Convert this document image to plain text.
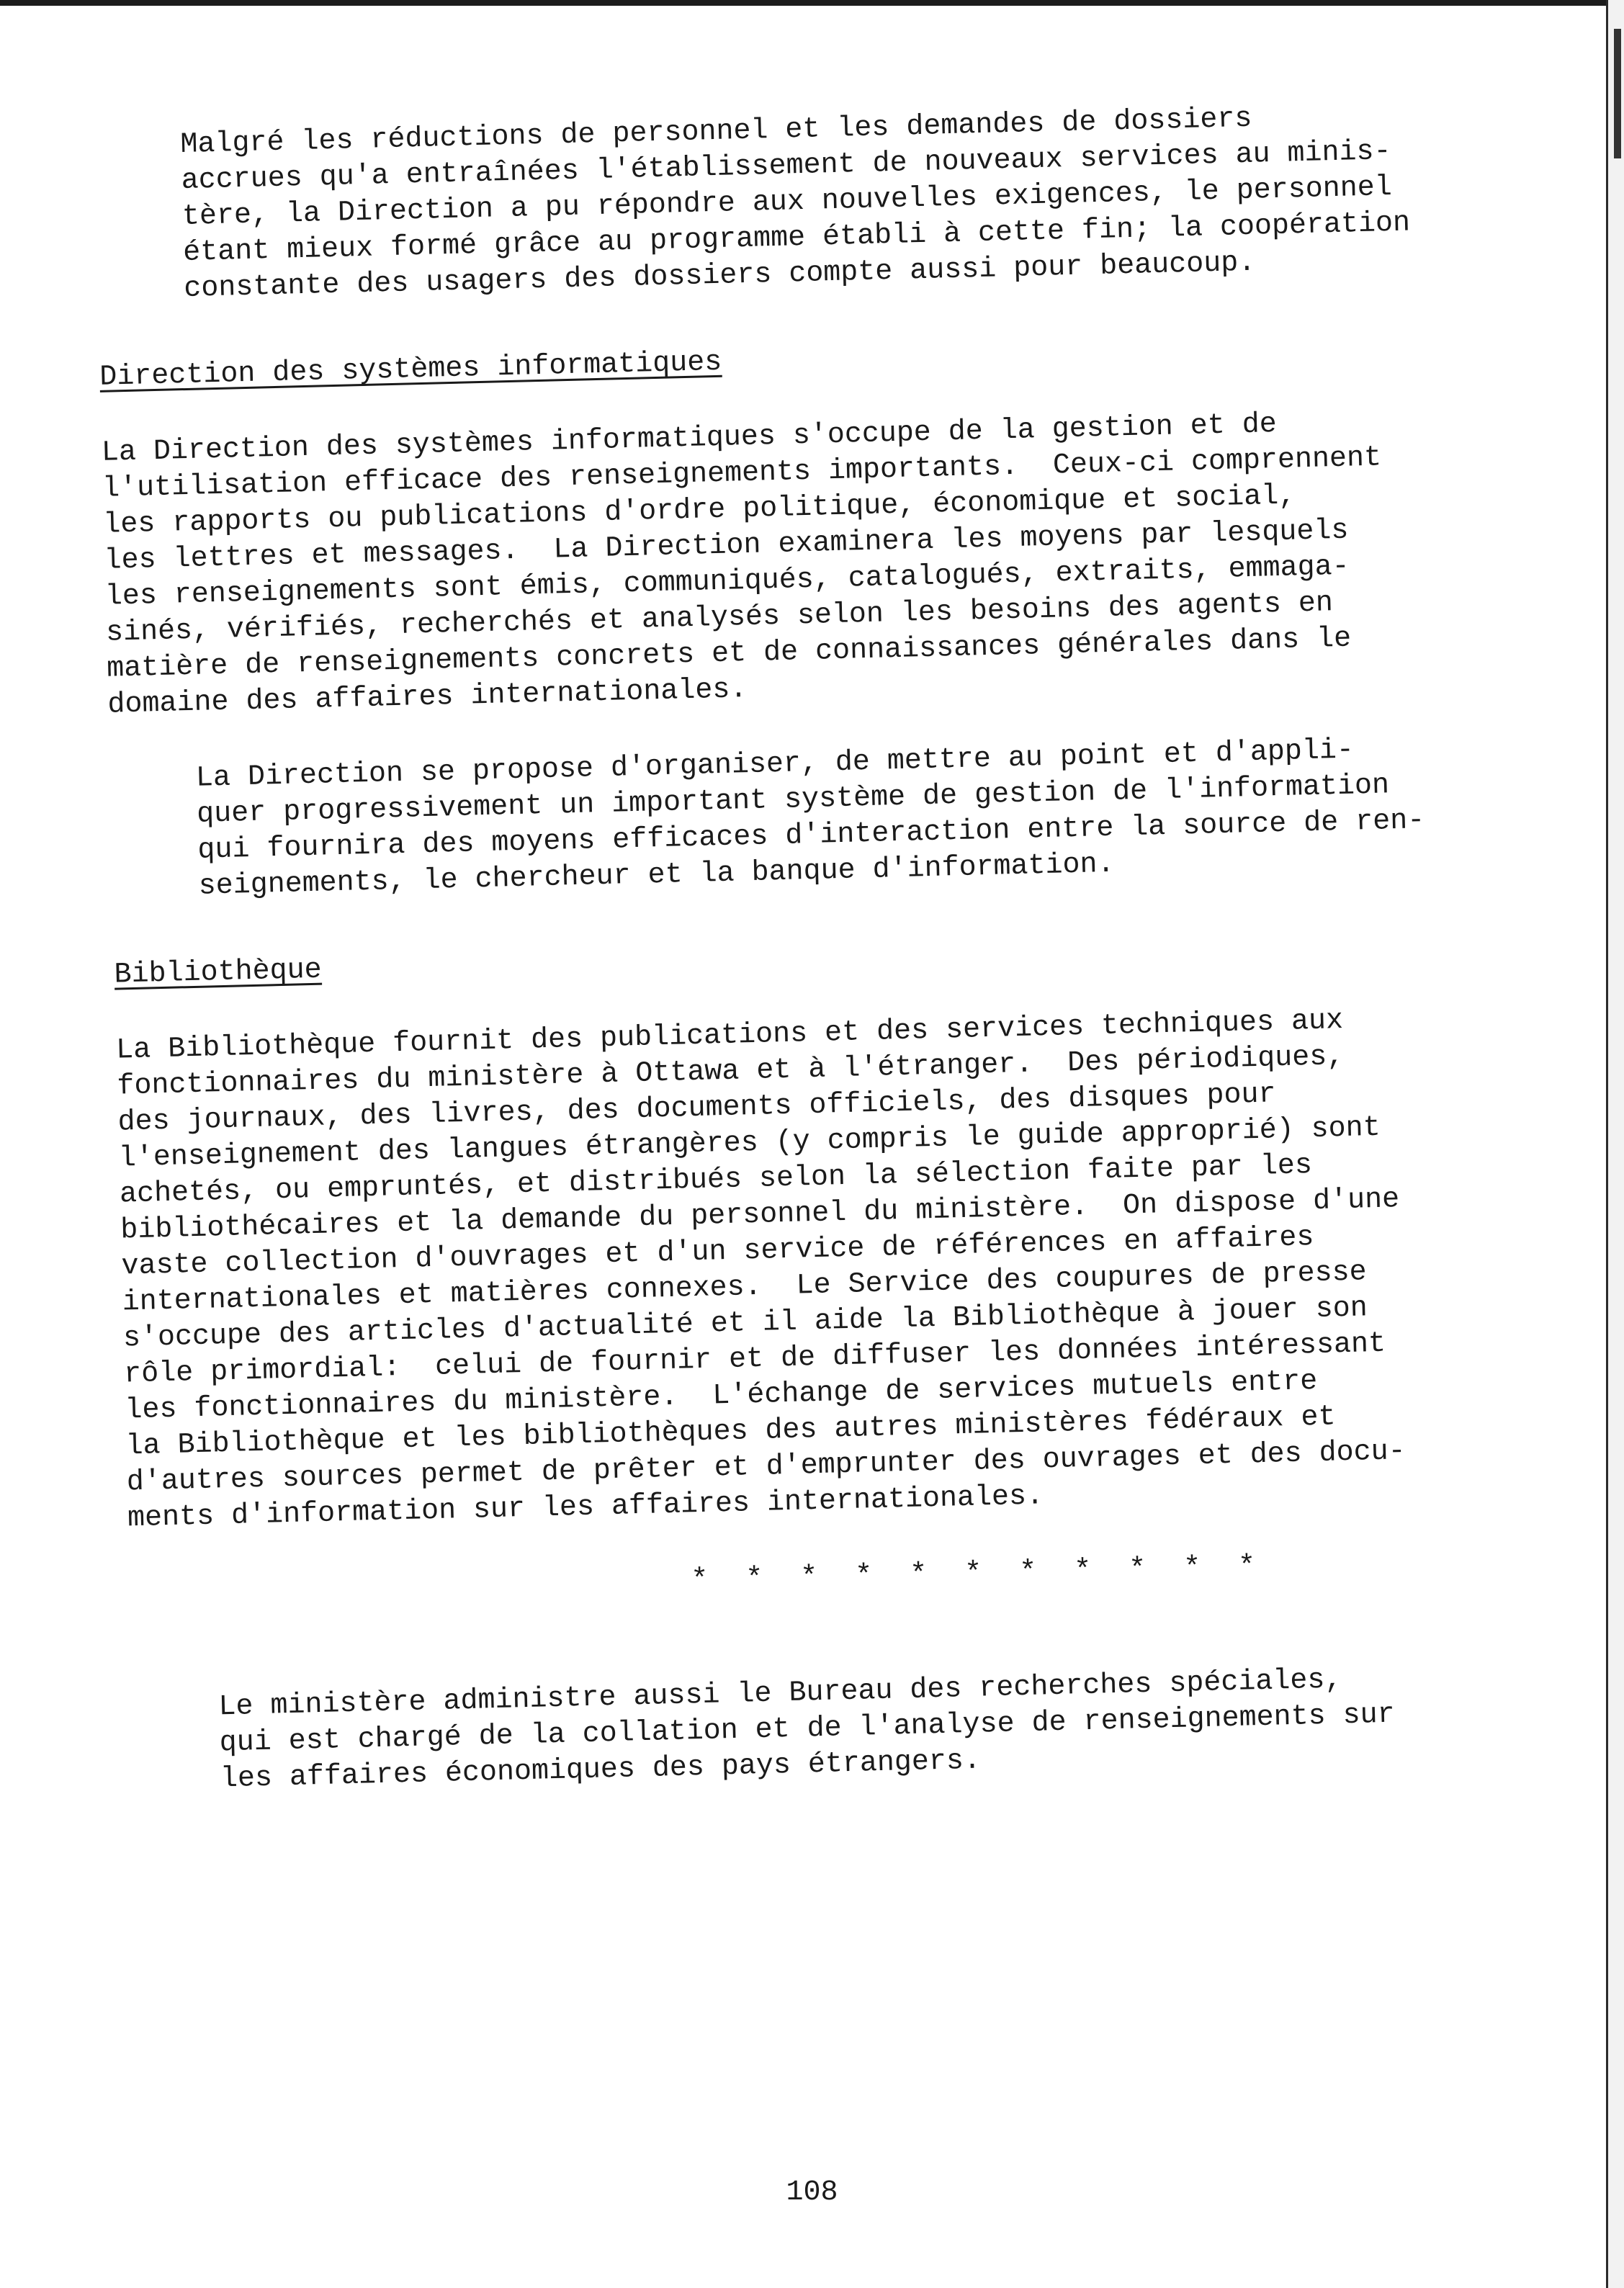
Malgré les réductions de personnel et les demandes de dossiers
accrues qu'a entraînées l'établissement de nouveaux services au minis-
tère, la Direction a pu répondre aux nouvelles exigences, le personnel
étant mieux formé grâce au programme établi à cette fin; la coopération
constante des usagers des dossiers compte aussi pour beaucoup.

Direction des systèmes informatiques

La Direction des systèmes informatiques s'occupe de la gestion et de
l'utilisation efficace des renseignements importants.  Ceux-ci comprennent
les rapports ou publications d'ordre politique, économique et social,
les lettres et messages.  La Direction examinera les moyens par lesquels
les renseignements sont émis, communiqués, catalogués, extraits, emmaga-
sinés, vérifiés, recherchés et analysés selon les besoins des agents en
matière de renseignements concrets et de connaissances générales dans le
domaine des affaires internationales.

La Direction se propose d'organiser, de mettre au point et d'appli-
quer progressivement un important système de gestion de l'information
qui fournira des moyens efficaces d'interaction entre la source de ren-
seignements, le chercheur et la banque d'information.

Bibliothèque

La Bibliothèque fournit des publications et des services techniques aux
fonctionnaires du ministère à Ottawa et à l'étranger.  Des périodiques,
des journaux, des livres, des documents officiels, des disques pour
l'enseignement des langues étrangères (y compris le guide approprié) sont
achetés, ou empruntés, et distribués selon la sélection faite par les
bibliothécaires et la demande du personnel du ministère.  On dispose d'une
vaste collection d'ouvrages et d'un service de références en affaires
internationales et matières connexes.  Le Service des coupures de presse
s'occupe des articles d'actualité et il aide la Bibliothèque à jouer son
rôle primordial:  celui de fournir et de diffuser les données intéressant
les fonctionnaires du ministère.  L'échange de services mutuels entre
la Bibliothèque et les bibliothèques des autres ministères fédéraux et
d'autres sources permet de prêter et d'emprunter des ouvrages et des docu-
ments d'information sur les affaires internationales.

* * * * * * * * * * *

Le ministère administre aussi le Bureau des recherches spéciales,
qui est chargé de la collation et de l'analyse de renseignements sur
les affaires économiques des pays étrangers.

108
